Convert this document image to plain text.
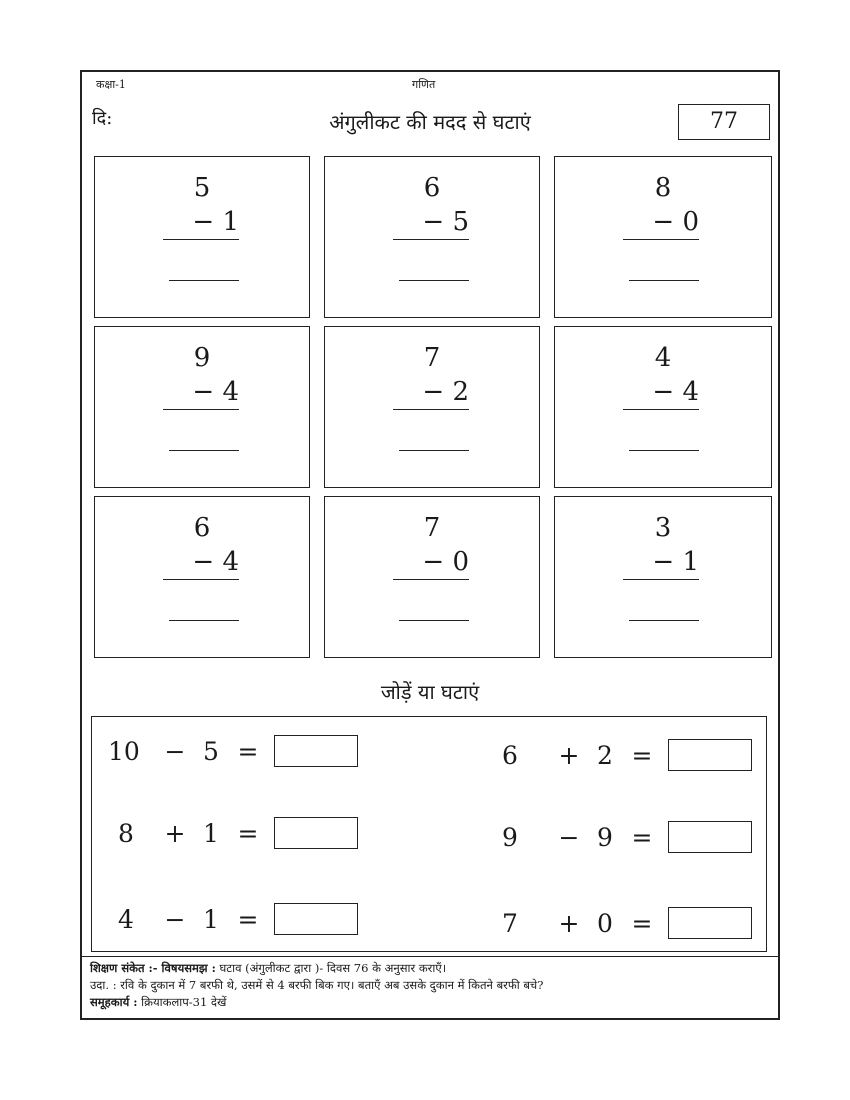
कक्षा-1	गणित
दि:	अंगुलीकट की मदद से घटाएं	77
5
− 1
6
− 5
8
− 0
9
− 4
7
− 2
4
− 4
6
− 4
7
− 0
3
− 1
जोड़ें या घटाएं
10 − 5 =	6	+ 2 =
8	+ 1 =	9	− 9 =
4	− 1 =	7	+ 0 =
शिक्षण संकेत :- विषयसमझ : घटाव (अंगुलीकट द्वारा )- दिवस 76 के अनुसार कराएँ।
उदा. : रवि के दुकान में 7 बरफी थे, उसमें से 4 बरफी बिक गए। बताएँ अब उसके दुकान में कितने बरफी बचे?
समूहकार्य : क्रियाकलाप-31 देखें
